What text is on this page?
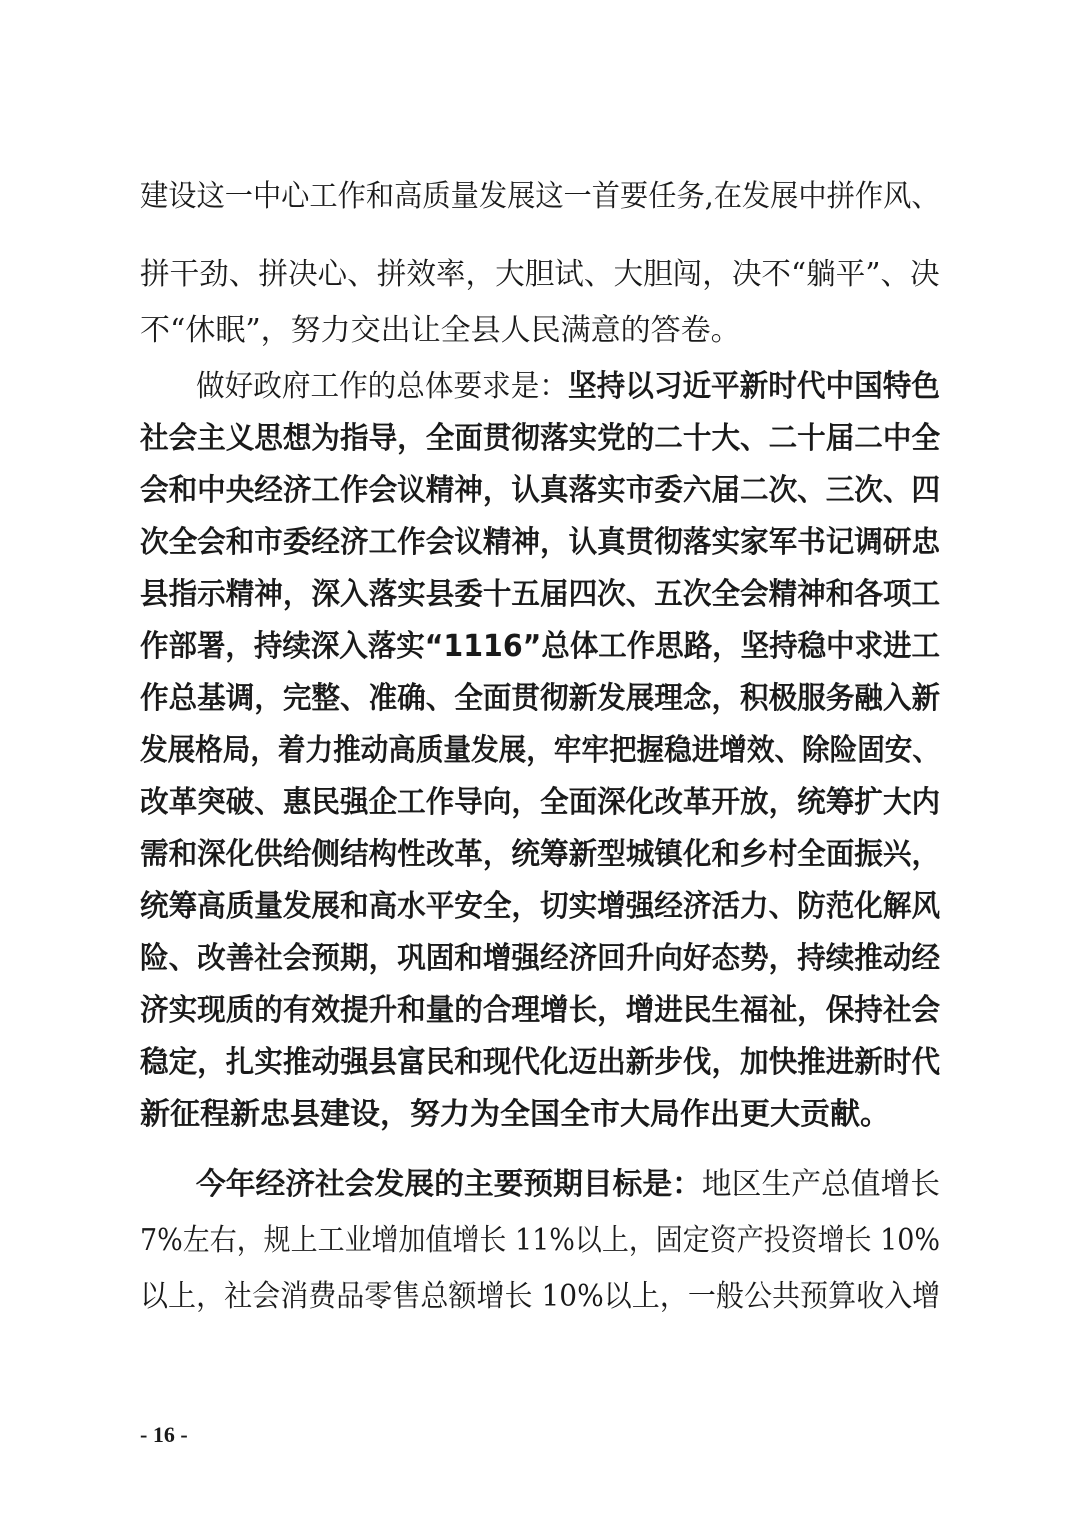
建设这一中心工作和高质量发展这一首要任务,在发展中拼作风、
拼干劲、拼决心、拼效率，大胆试、大胆闯，决不“躺平”、决
不“休眠”，努力交出让全县人民满意的答卷。
做好政府工作的总体要求是：坚持以习近平新时代中国特色
社会主义思想为指导，全面贯彻落实党的二十大、二十届二中全
会和中央经济工作会议精神，认真落实市委六届二次、三次、四
次全会和市委经济工作会议精神，认真贯彻落实家军书记调研忠
县指示精神，深入落实县委十五届四次、五次全会精神和各项工
作部署，持续深入落实“1116”总体工作思路，坚持稳中求进工
作总基调，完整、准确、全面贯彻新发展理念，积极服务融入新
发展格局，着力推动高质量发展，牢牢把握稳进增效、除险固安、
改革突破、惠民强企工作导向，全面深化改革开放，统筹扩大内
需和深化供给侧结构性改革，统筹新型城镇化和乡村全面振兴，
统筹高质量发展和高水平安全，切实增强经济活力、防范化解风
险、改善社会预期，巩固和增强经济回升向好态势，持续推动经
济实现质的有效提升和量的合理增长，增进民生福祉，保持社会
稳定，扎实推动强县富民和现代化迈出新步伐，加快推进新时代
新征程新忠县建设，努力为全国全市大局作出更大贡献。
今年经济社会发展的主要预期目标是：地区生产总值增长
7%左右，规上工业增加值增长 11%以上，固定资产投资增长 10%
以上，社会消费品零售总额增长 10%以上，一般公共预算收入增
- 16 -
